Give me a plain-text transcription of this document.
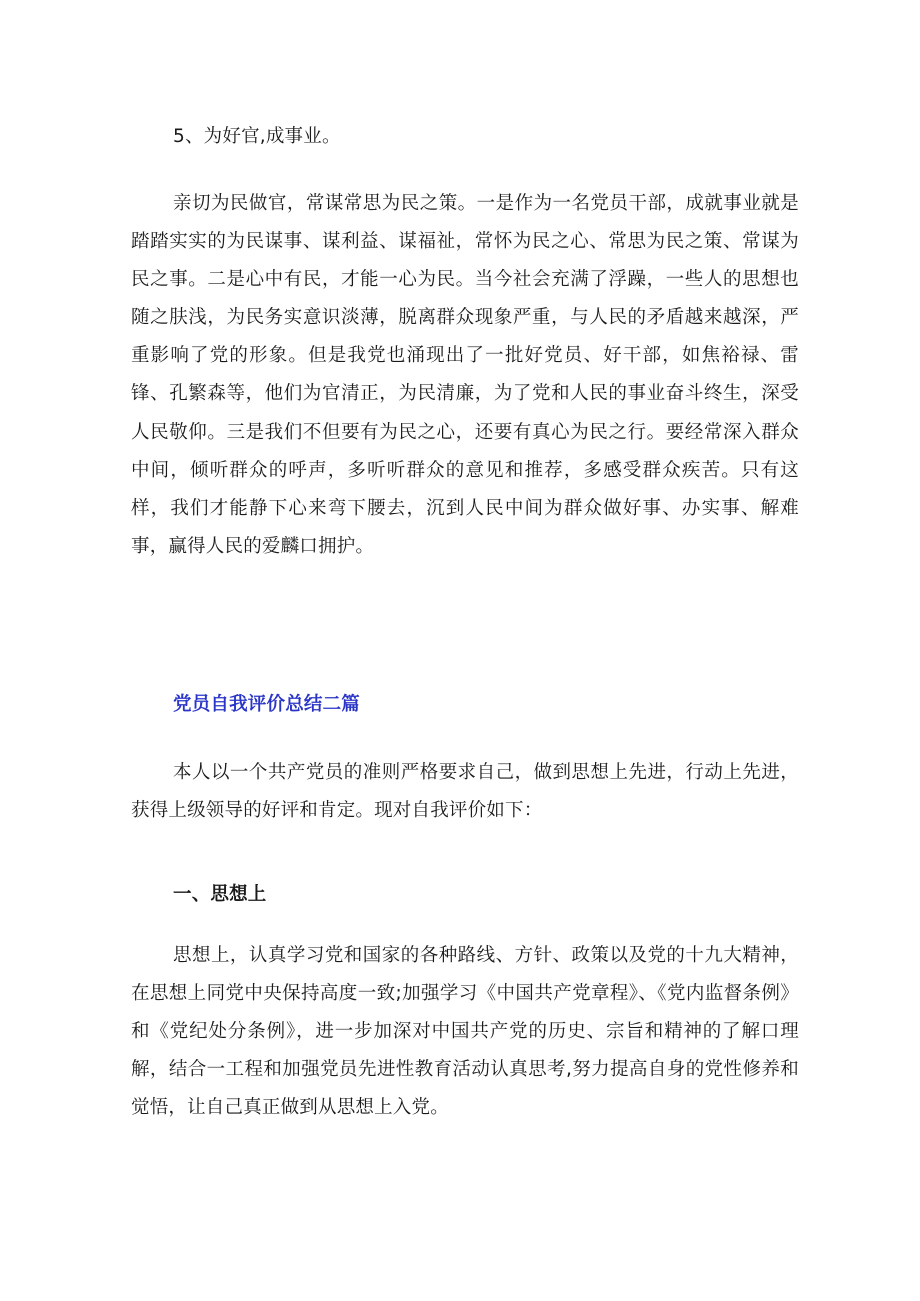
5、为好官,成事业。

亲切为民做官，常谋常思为民之策。一是作为一名党员干部，成就事业就是踏踏实实的为民谋事、谋利益、谋福祉，常怀为民之心、常思为民之策、常谋为民之事。二是心中有民，才能一心为民。当今社会充满了浮躁，一些人的思想也随之肤浅，为民务实意识淡薄，脱离群众现象严重，与人民的矛盾越来越深，严重影响了党的形象。但是我党也涌现出了一批好党员、好干部，如焦裕禄、雷锋、孔繁森等，他们为官清正，为民清廉，为了党和人民的事业奋斗终生，深受人民敬仰。三是我们不但要有为民之心，还要有真心为民之行。要经常深入群众中间，倾听群众的呼声，多听听群众的意见和推荐，多感受群众疾苦。只有这样，我们才能静下心来弯下腰去，沉到人民中间为群众做好事、办实事、解难事，赢得人民的爱麟口拥护。

党员自我评价总结二篇

本人以一个共产党员的准则严格要求自己，做到思想上先进，行动上先进，获得上级领导的好评和肯定。现对自我评价如下：

一、思想上

思想上，认真学习党和国家的各种路线、方针、政策以及党的十九大精神，在思想上同党中央保持高度一致;加强学习《中国共产党章程》、《党内监督条例》和《党纪处分条例》，进一步加深对中国共产党的历史、宗旨和精神的了解口理解，结合一工程和加强党员先进性教育活动认真思考,努力提高自身的党性修养和觉悟，让自己真正做到从思想上入党。
